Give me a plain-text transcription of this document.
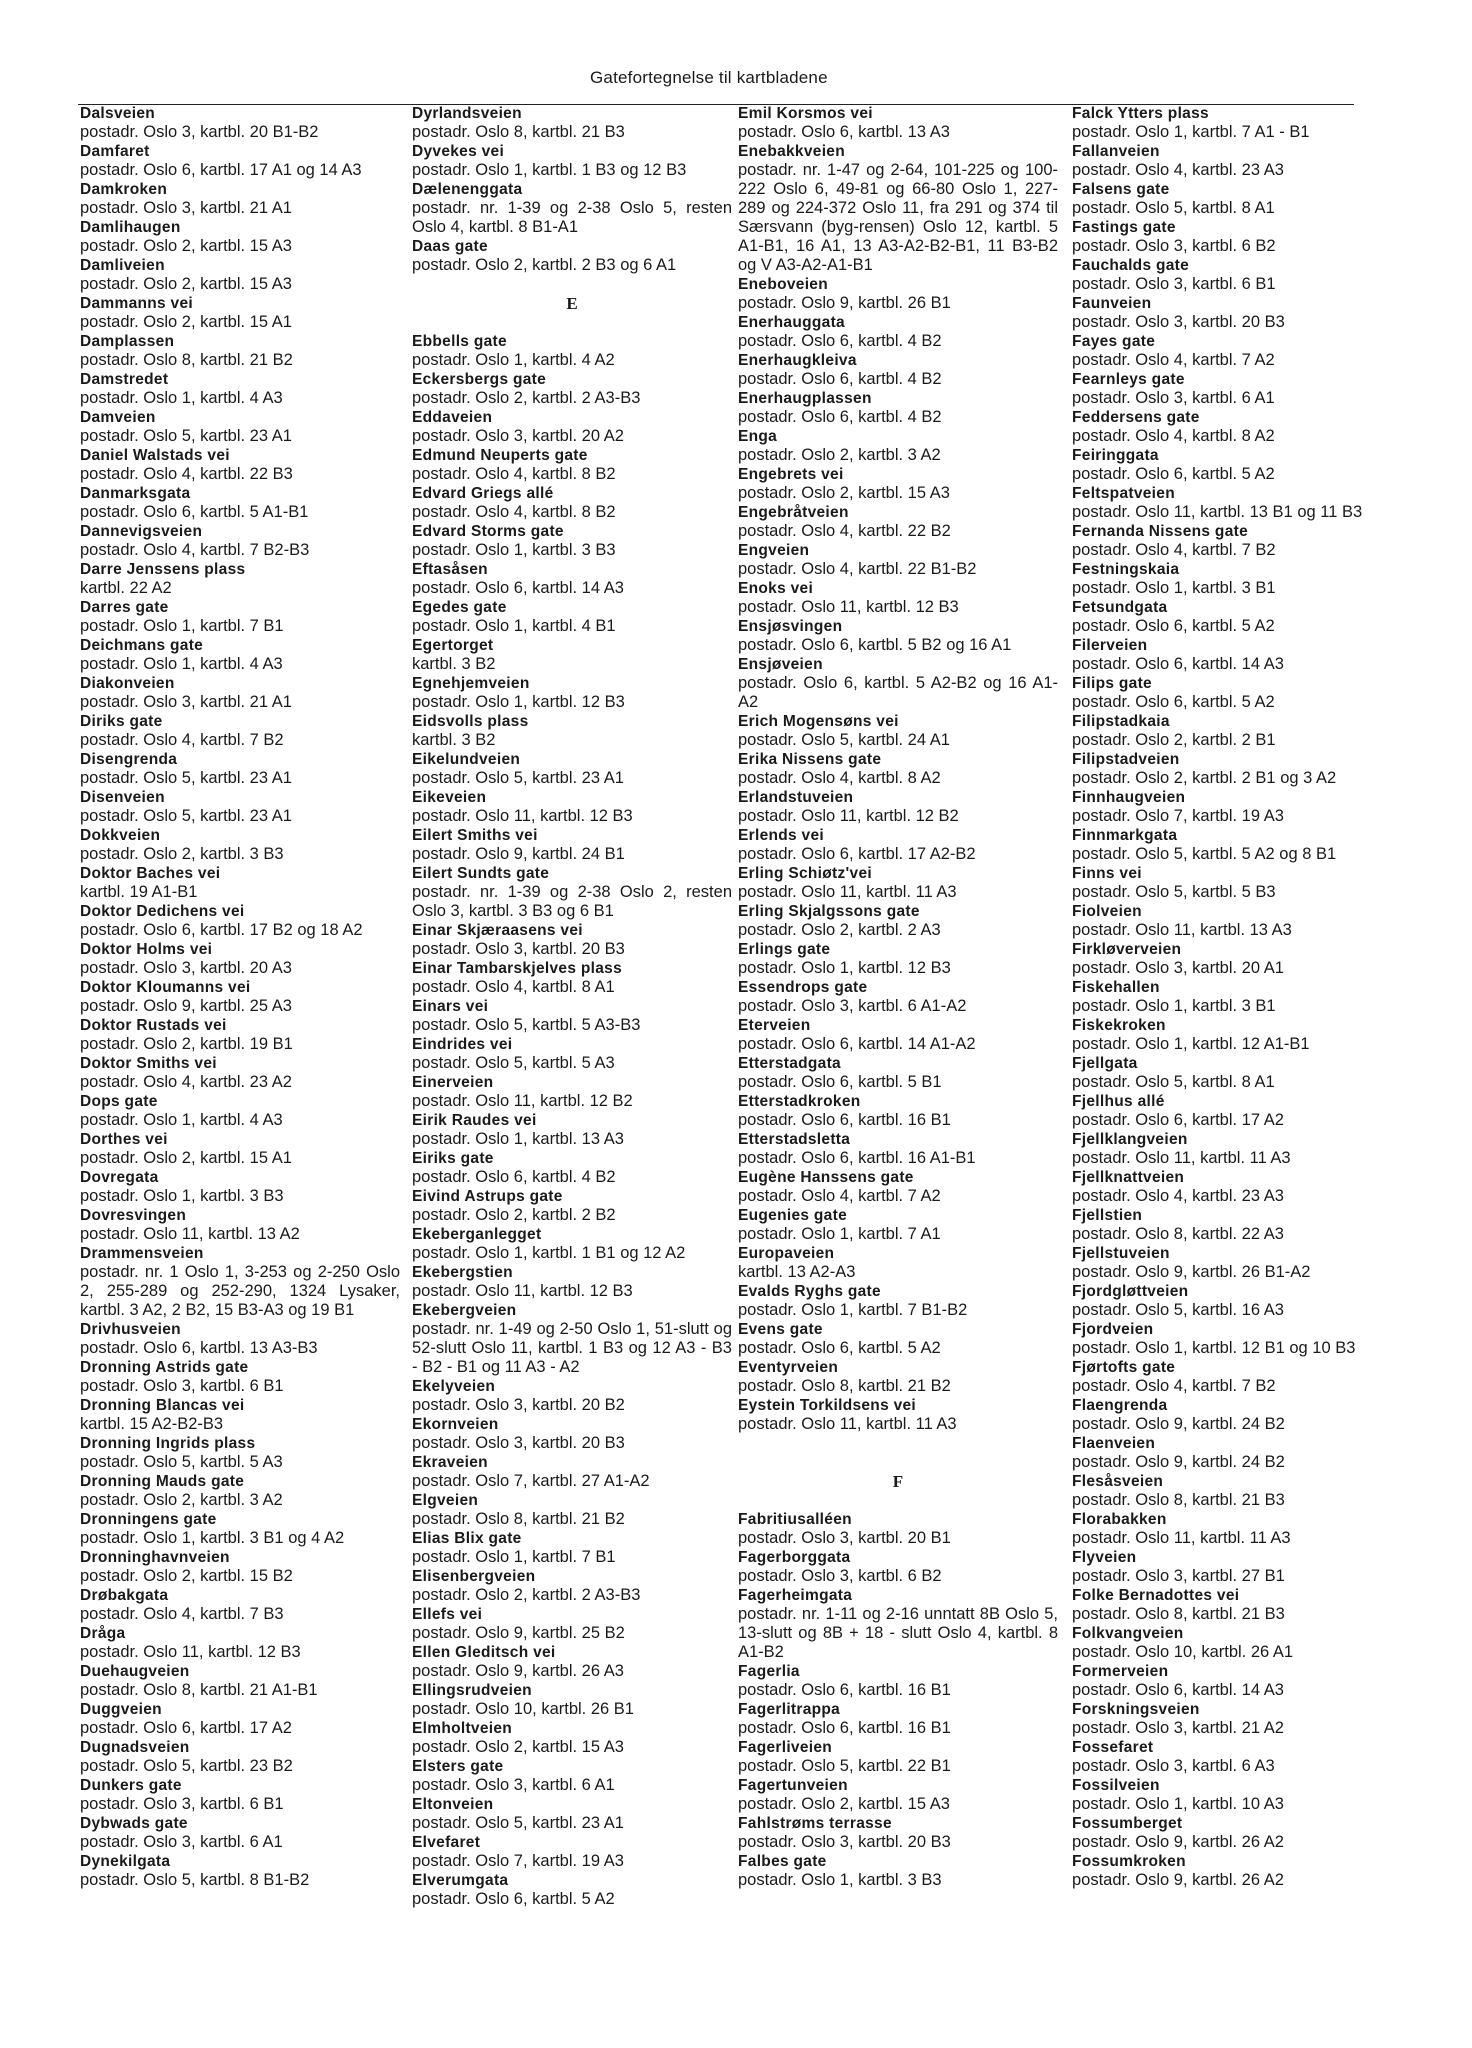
Gatefortegnelse til kartbladene
Dalsveien
postadr. Oslo 3, kartbl. 20 B1-B2
Damfaret
postadr. Oslo 6, kartbl. 17 A1 og 14 A3
Damkroken
postadr. Oslo 3, kartbl. 21 A1
Damlihaugen
postadr. Oslo 2, kartbl. 15 A3
Damliveien
postadr. Oslo 2, kartbl. 15 A3
Dammanns vei
postadr. Oslo 2, kartbl. 15 A1
Damplassen
postadr. Oslo 8, kartbl. 21 B2
Damstredet
postadr. Oslo 1, kartbl. 4 A3
Damveien
postadr. Oslo 5, kartbl. 23 A1
Daniel Walstads vei
postadr. Oslo 4, kartbl. 22 B3
Danmarksgata
postadr. Oslo 6, kartbl. 5 A1-B1
Dannevigsveien
postadr. Oslo 4, kartbl. 7 B2-B3
Darre Jenssens plass
kartbl. 22 A2
Darres gate
postadr. Oslo 1, kartbl. 7 B1
Deichmans gate
postadr. Oslo 1, kartbl. 4 A3
Diakonveien
postadr. Oslo 3, kartbl. 21 A1
Diriks gate
postadr. Oslo 4, kartbl. 7 B2
Disengrenda
postadr. Oslo 5, kartbl. 23 A1
Disenveien
postadr. Oslo 5, kartbl. 23 A1
Dokkveien
postadr. Oslo 2, kartbl. 3 B3
Doktor Baches vei
kartbl. 19 A1-B1
Doktor Dedichens vei
postadr. Oslo 6, kartbl. 17 B2 og 18 A2
Doktor Holms vei
postadr. Oslo 3, kartbl. 20 A3
Doktor Kloumanns vei
postadr. Oslo 9, kartbl. 25 A3
Doktor Rustads vei
postadr. Oslo 2, kartbl. 19 B1
Doktor Smiths vei
postadr. Oslo 4, kartbl. 23 A2
Dops gate
postadr. Oslo 1, kartbl. 4 A3
Dorthes vei
postadr. Oslo 2, kartbl. 15 A1
Dovregata
postadr. Oslo 1, kartbl. 3 B3
Dovresvingen
postadr. Oslo 11, kartbl. 13 A2
Drammensveien
postadr. nr. 1 Oslo 1, 3-253 og 2-250 Oslo 2, 255-289 og 252-290, 1324 Lysaker, kartbl. 3 A2, 2 B2, 15 B3-A3 og 19 B1
Drivhusveien
postadr. Oslo 6, kartbl. 13 A3-B3
Dronning Astrids gate
postadr. Oslo 3, kartbl. 6 B1
Dronning Blancas vei
kartbl. 15 A2-B2-B3
Dronning Ingrids plass
postadr. Oslo 5, kartbl. 5 A3
Dronning Mauds gate
postadr. Oslo 2, kartbl. 3 A2
Dronningens gate
postadr. Oslo 1, kartbl. 3 B1 og 4 A2
Dronninghavnveien
postadr. Oslo 2, kartbl. 15 B2
Drøbakgata
postadr. Oslo 4, kartbl. 7 B3
Dråga
postadr. Oslo 11, kartbl. 12 B3
Duehaugveien
postadr. Oslo 8, kartbl. 21 A1-B1
Duggveien
postadr. Oslo 6, kartbl. 17 A2
Dugnadsveien
postadr. Oslo 5, kartbl. 23 B2
Dunkers gate
postadr. Oslo 3, kartbl. 6 B1
Dybwads gate
postadr. Oslo 3, kartbl. 6 A1
Dynekilgata
postadr. Oslo 5, kartbl. 8 B1-B2
Dyrlandsveien
postadr. Oslo 8, kartbl. 21 B3
Dyvekes vei
postadr. Oslo 1, kartbl. 1 B3 og 12 B3
Dælenenggata
postadr. nr. 1-39 og 2-38 Oslo 5, resten Oslo 4, kartbl. 8 B1-A1
Daas gate
postadr. Oslo 2, kartbl. 2 B3 og 6 A1
E
Ebbells gate
postadr. Oslo 1, kartbl. 4 A2
Eckersbergs gate
postadr. Oslo 2, kartbl. 2 A3-B3
Eddaveien
postadr. Oslo 3, kartbl. 20 A2
Edmund Neuperts gate
postadr. Oslo 4, kartbl. 8 B2
Edvard Griegs allé
postadr. Oslo 4, kartbl. 8 B2
Edvard Storms gate
postadr. Oslo 1, kartbl. 3 B3
Eftasåsen
postadr. Oslo 6, kartbl. 14 A3
Egedes gate
postadr. Oslo 1, kartbl. 4 B1
Egertorget
kartbl. 3 B2
Egnehjemveien
postadr. Oslo 1, kartbl. 12 B3
Eidsvolls plass
kartbl. 3 B2
Eikelundveien
postadr. Oslo 5, kartbl. 23 A1
Eikeveien
postadr. Oslo 11, kartbl. 12 B3
Eilert Smiths vei
postadr. Oslo 9, kartbl. 24 B1
Eilert Sundts gate
postadr. nr. 1-39 og 2-38 Oslo 2, resten Oslo 3, kartbl. 3 B3 og 6 B1
Einar Skjæraasens vei
postadr. Oslo 3, kartbl. 20 B3
Einar Tambarskjelves plass
postadr. Oslo 4, kartbl. 8 A1
Einars vei
postadr. Oslo 5, kartbl. 5 A3-B3
Eindrides vei
postadr. Oslo 5, kartbl. 5 A3
Einerveien
postadr. Oslo 11, kartbl. 12 B2
Eirik Raudes vei
postadr. Oslo 1, kartbl. 13 A3
Eiriks gate
postadr. Oslo 6, kartbl. 4 B2
Eivind Astrups gate
postadr. Oslo 2, kartbl. 2 B2
Ekeberganlegget
postadr. Oslo 1, kartbl. 1 B1 og 12 A2
Ekebergstien
postadr. Oslo 11, kartbl. 12 B3
Ekebergveien
postadr. nr. 1-49 og 2-50 Oslo 1, 51-slutt og 52-slutt Oslo 11, kartbl. 1 B3 og 12 A3 - B3 - B2 - B1 og 11 A3 - A2
Ekelyveien
postadr. Oslo 3, kartbl. 20 B2
Ekornveien
postadr. Oslo 3, kartbl. 20 B3
Ekraveien
postadr. Oslo 7, kartbl. 27 A1-A2
Elgveien
postadr. Oslo 8, kartbl. 21 B2
Elias Blix gate
postadr. Oslo 1, kartbl. 7 B1
Elisenbergveien
postadr. Oslo 2, kartbl. 2 A3-B3
Ellefs vei
postadr. Oslo 9, kartbl. 25 B2
Ellen Gleditsch vei
postadr. Oslo 9, kartbl. 26 A3
Ellingsrudveien
postadr. Oslo 10, kartbl. 26 B1
Elmholtveien
postadr. Oslo 2, kartbl. 15 A3
Elsters gate
postadr. Oslo 3, kartbl. 6 A1
Eltonveien
postadr. Oslo 5, kartbl. 23 A1
Elvefaret
postadr. Oslo 7, kartbl. 19 A3
Elverumgata
postadr. Oslo 6, kartbl. 5 A2
Emil Korsmos vei
postadr. Oslo 6, kartbl. 13 A3
Enebakkveien
postadr. nr. 1-47 og 2-64, 101-225 og 100-222 Oslo 6, 49-81 og 66-80 Oslo 1, 227-289 og 224-372 Oslo 11, fra 291 og 374 til Særsvann (byg-rensen) Oslo 12, kartbl. 5 A1-B1, 16 A1, 13 A3-A2-B2-B1, 11 B3-B2 og V A3-A2-A1-B1
Eneboveien
postadr. Oslo 9, kartbl. 26 B1
Enerhauggata
postadr. Oslo 6, kartbl. 4 B2
Enerhaugkleiva
postadr. Oslo 6, kartbl. 4 B2
Enerhaugplassen
postadr. Oslo 6, kartbl. 4 B2
Enga
postadr. Oslo 2, kartbl. 3 A2
Engebrets vei
postadr. Oslo 2, kartbl. 15 A3
Engebråtveien
postadr. Oslo 4, kartbl. 22 B2
Engveien
postadr. Oslo 4, kartbl. 22 B1-B2
Enoks vei
postadr. Oslo 11, kartbl. 12 B3
Ensjøsvingen
postadr. Oslo 6, kartbl. 5 B2 og 16 A1
Ensjøveien
postadr. Oslo 6, kartbl. 5 A2-B2 og 16 A1-A2
Erich Mogensøns vei
postadr. Oslo 5, kartbl. 24 A1
Erika Nissens gate
postadr. Oslo 4, kartbl. 8 A2
Erlandstuveien
postadr. Oslo 11, kartbl. 12 B2
Erlends vei
postadr. Oslo 6, kartbl. 17 A2-B2
Erling Schiøtz'vei
postadr. Oslo 11, kartbl. 11 A3
Erling Skjalgssons gate
postadr. Oslo 2, kartbl. 2 A3
Erlings gate
postadr. Oslo 1, kartbl. 12 B3
Essendrops gate
postadr. Oslo 3, kartbl. 6 A1-A2
Eterveien
postadr. Oslo 6, kartbl. 14 A1-A2
Etterstadgata
postadr. Oslo 6, kartbl. 5 B1
Etterstadkroken
postadr. Oslo 6, kartbl. 16 B1
Etterstadsletta
postadr. Oslo 6, kartbl. 16 A1-B1
Eugène Hanssens gate
postadr. Oslo 4, kartbl. 7 A2
Eugenies gate
postadr. Oslo 1, kartbl. 7 A1
Europaveien
kartbl. 13 A2-A3
Evalds Ryghs gate
postadr. Oslo 1, kartbl. 7 B1-B2
Evens gate
postadr. Oslo 6, kartbl. 5 A2
Eventyrveien
postadr. Oslo 8, kartbl. 21 B2
Eystein Torkildsens vei
postadr. Oslo 11, kartbl. 11 A3
F
Fabritiusalléen
postadr. Oslo 3, kartbl. 20 B1
Fagerborggata
postadr. Oslo 3, kartbl. 6 B2
Fagerheimgata
postadr. nr. 1-11 og 2-16 unntatt 8B Oslo 5, 13-slutt og 8B + 18 - slutt Oslo 4, kartbl. 8 A1-B2
Fagerlia
postadr. Oslo 6, kartbl. 16 B1
Fagerlitrappa
postadr. Oslo 6, kartbl. 16 B1
Fagerliveien
postadr. Oslo 5, kartbl. 22 B1
Fagertunveien
postadr. Oslo 2, kartbl. 15 A3
Fahlstrøms terrasse
postadr. Oslo 3, kartbl. 20 B3
Falbes gate
postadr. Oslo 1, kartbl. 3 B3
Falck Ytters plass
postadr. Oslo 1, kartbl. 7 A1 - B1
Fallanveien
postadr. Oslo 4, kartbl. 23 A3
Falsens gate
postadr. Oslo 5, kartbl. 8 A1
Fastings gate
postadr. Oslo 3, kartbl. 6 B2
Fauchalds gate
postadr. Oslo 3, kartbl. 6 B1
Faunveien
postadr. Oslo 3, kartbl. 20 B3
Fayes gate
postadr. Oslo 4, kartbl. 7 A2
Fearnleys gate
postadr. Oslo 3, kartbl. 6 A1
Feddersens gate
postadr. Oslo 4, kartbl. 8 A2
Feiringgata
postadr. Oslo 6, kartbl. 5 A2
Feltspatveien
postadr. Oslo 11, kartbl. 13 B1 og 11 B3
Fernanda Nissens gate
postadr. Oslo 4, kartbl. 7 B2
Festningskaia
postadr. Oslo 1, kartbl. 3 B1
Fetsundgata
postadr. Oslo 6, kartbl. 5 A2
Filerveien
postadr. Oslo 6, kartbl. 14 A3
Filips gate
postadr. Oslo 6, kartbl. 5 A2
Filipstadkaia
postadr. Oslo 2, kartbl. 2 B1
Filipstadveien
postadr. Oslo 2, kartbl. 2 B1 og 3 A2
Finnhaugveien
postadr. Oslo 7, kartbl. 19 A3
Finnmarkgata
postadr. Oslo 5, kartbl. 5 A2 og 8 B1
Finns vei
postadr. Oslo 5, kartbl. 5 B3
Fiolveien
postadr. Oslo 11, kartbl. 13 A3
Firkløverveien
postadr. Oslo 3, kartbl. 20 A1
Fiskehallen
postadr. Oslo 1, kartbl. 3 B1
Fiskekroken
postadr. Oslo 1, kartbl. 12 A1-B1
Fjellgata
postadr. Oslo 5, kartbl. 8 A1
Fjellhus allé
postadr. Oslo 6, kartbl. 17 A2
Fjellklangveien
postadr. Oslo 11, kartbl. 11 A3
Fjellknattveien
postadr. Oslo 4, kartbl. 23 A3
Fjellstien
postadr. Oslo 8, kartbl. 22 A3
Fjellstuveien
postadr. Oslo 9, kartbl. 26 B1-A2
Fjordgløttveien
postadr. Oslo 5, kartbl. 16 A3
Fjordveien
postadr. Oslo 1, kartbl. 12 B1 og 10 B3
Fjørtofts gate
postadr. Oslo 4, kartbl. 7 B2
Flaengrenda
postadr. Oslo 9, kartbl. 24 B2
Flaenveien
postadr. Oslo 9, kartbl. 24 B2
Flesåsveien
postadr. Oslo 8, kartbl. 21 B3
Florabakken
postadr. Oslo 11, kartbl. 11 A3
Flyveien
postadr. Oslo 3, kartbl. 27 B1
Folke Bernadottes vei
postadr. Oslo 8, kartbl. 21 B3
Folkvangveien
postadr. Oslo 10, kartbl. 26 A1
Formerveien
postadr. Oslo 6, kartbl. 14 A3
Forskningsveien
postadr. Oslo 3, kartbl. 21 A2
Fossefaret
postadr. Oslo 3, kartbl. 6 A3
Fossilveien
postadr. Oslo 1, kartbl. 10 A3
Fossumberget
postadr. Oslo 9, kartbl. 26 A2
Fossumkroken
postadr. Oslo 9, kartbl. 26 A2
